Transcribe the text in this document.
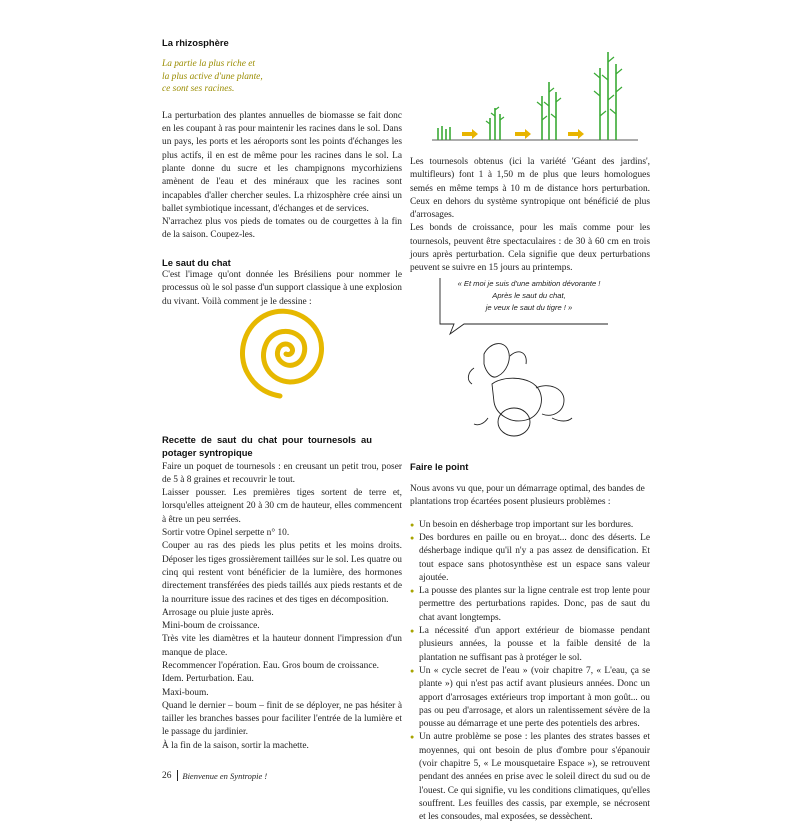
La rhizosphère

La partie la plus riche et

la plus active d'une plante,

ce sont ses racines.

La perturbation des plantes annuelles de biomasse se fait donc en les coupant à ras pour maintenir les racines dans le sol. Dans un pays, les ports et les aéroports sont les points d'échanges les plus actifs, il en est de même pour les racines dans le sol. La plante donne du sucre et les champignons mycorhiziens amènent de l'eau et des minéraux que les racines sont incapables d'aller chercher seules. La rhizosphère crée ainsi un ballet symbiotique incessant, d'échanges et de services.

N'arrachez plus vos pieds de tomates ou de courgettes à la fin de la saison. Coupez-les.

Le saut du chat

C'est l'image qu'ont donnée les Brésiliens pour nommer le processus où le sol passe d'un support classique à une explosion du vivant. Voilà comment je le dessine :

Recette de saut du chat pour tournesols au potager syntropique

Faire un poquet de tournesols : en creusant un petit trou, poser de 5 à 8 graines et recouvrir le tout.

Laisser pousser. Les premières tiges sortent de terre et, lorsqu'elles atteignent 20 à 30 cm de hauteur, elles commencent à être un peu serrées.

Sortir votre Opinel serpette n° 10.

Couper au ras des pieds les plus petits et les moins droits. Déposer les tiges grossièrement taillées sur le sol. Les quatre ou cinq qui restent vont bénéficier de la lumière, des hormones directement transférées des pieds taillés aux pieds restants et de la nourriture issue des racines et des tiges en décomposition.

Arrosage ou pluie juste après.

Mini-boum de croissance.

Très vite les diamètres et la hauteur donnent l'impression d'un manque de place.

Recommencer l'opération. Eau. Gros boum de croissance.

Idem. Perturbation. Eau.

Maxi-boum.

Quand le dernier – boum – finit de se déployer, ne pas hésiter à tailler les branches basses pour faciliter l'entrée de la lumière et le passage du jardinier.

À la fin de la saison, sortir la machette.

« Et moi je suis d'une ambition dévorante !
Après le saut du chat,
je veux le saut du tigre ! »

Les tournesols obtenus (ici la variété 'Géant des jardins', multifleurs) font 1 à 1,50 m de plus que leurs homologues semés en même temps à 10 m de distance hors perturbation. Ceux en dehors du système syntropique ont bénéficié de plus d'arrosages.

Les bonds de croissance, pour les maïs comme pour les tournesols, peuvent être spectaculaires : de 30 à 60 cm en trois jours après perturbation. Cela signifie que deux perturbations peuvent se suivre en 15 jours au printemps.

Faire le point

Nous avons vu que, pour un démarrage optimal, des bandes de plantations trop écartées posent plusieurs problèmes :

● Un besoin en désherbage trop important sur les bordures.
● Des bordures en paille ou en broyat... donc des déserts. Le désherbage indique qu'il n'y a pas assez de densification. Et tout espace sans photosynthèse est un espace sans valeur ajoutée.
● La pousse des plantes sur la ligne centrale est trop lente pour permettre des perturbations rapides. Donc, pas de saut du chat avant longtemps.
● La nécessité d'un apport extérieur de biomasse pendant plusieurs années, la pousse et la faible densité de la plantation ne suffisant pas à protéger le sol.
● Un « cycle secret de l'eau » (voir chapitre 7, « L'eau, ça se plante ») qui n'est pas actif avant plusieurs années. Donc un apport d'arrosages extérieurs trop important à mon goût... ou pas ou peu d'arrosage, et alors un ralentissement sévère de la pousse au démarrage et une perte des potentiels des arbres.
● Un autre problème se pose : les plantes des strates basses et moyennes, qui ont besoin de plus d'ombre pour s'épanouir (voir chapitre 5, « Le mousquetaire Espace »), se retrouvent pendant des années en prise avec le soleil direct du sud ou de l'ouest. Ce qui signifie, vu les conditions climatiques, qu'elles souffrent. Les feuilles des cassis, par exemple, se nécrosent et les consoudes, mal exposées, se dessèchent.
26 Bienvenue en Syntropie !
